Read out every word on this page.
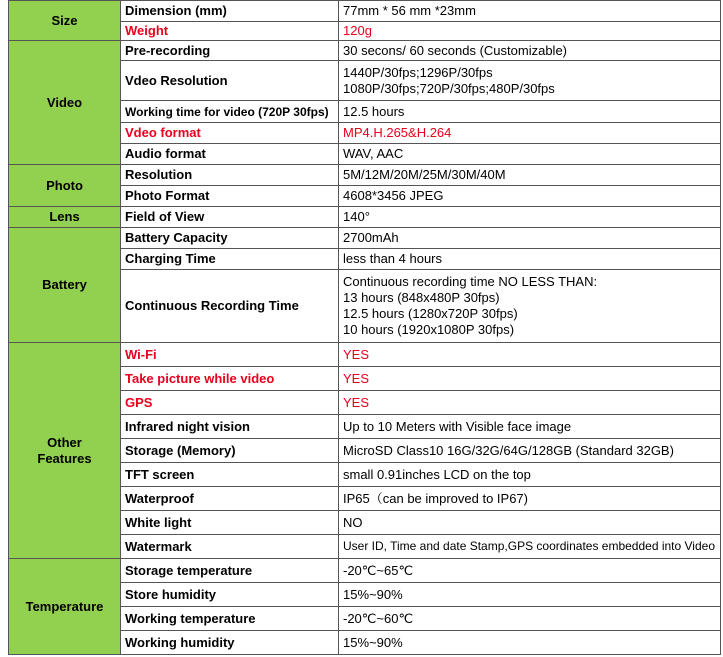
Size	Dimension (mm)	77mm * 56 mm *23mm
	Weight	120g
Video	Pre-recording	30 secons/ 60 seconds (Customizable)
	Vdeo Resolution	1440P/30fps;1296P/30fps
1080P/30fps;720P/30fps;480P/30fps

	Working time for video (720P 30fps)	12.5 hours
	Vdeo format	MP4.H.265&H.264
	Audio format	WAV, AAC
Photo	Resolution	5M/12M/20M/25M/30M/40M
	Photo Format	4608*3456 JPEG
Lens	Field of View	140°
Battery	Battery Capacity	2700mAh
	Charging Time	less than 4 hours
	Continuous Recording Time	Continuous recording time NO LESS THAN:
13 hours (848x480P 30fps)
12.5 hours (1280x720P 30fps)
10 hours (1920x1080P 30fps)

Other
Features	Wi-Fi	YES

	Take picture while video	YES
	GPS	YES
	Infrared night vision	Up to 10 Meters with Visible face image
	Storage (Memory)	MicroSD Class10 16G/32G/64G/128GB (Standard 32GB)
	TFT screen	small 0.91inches LCD on the top
	Waterproof	IP65（can be improved to IP67)
	White light	NO
	Watermark	User ID, Time and date Stamp,GPS coordinates embedded into Video

Temperature	Storage temperature	-20℃~65℃
	Store humidity	15%~90%
	Working temperature	-20℃~60℃
	Working humidity	15%~90%
